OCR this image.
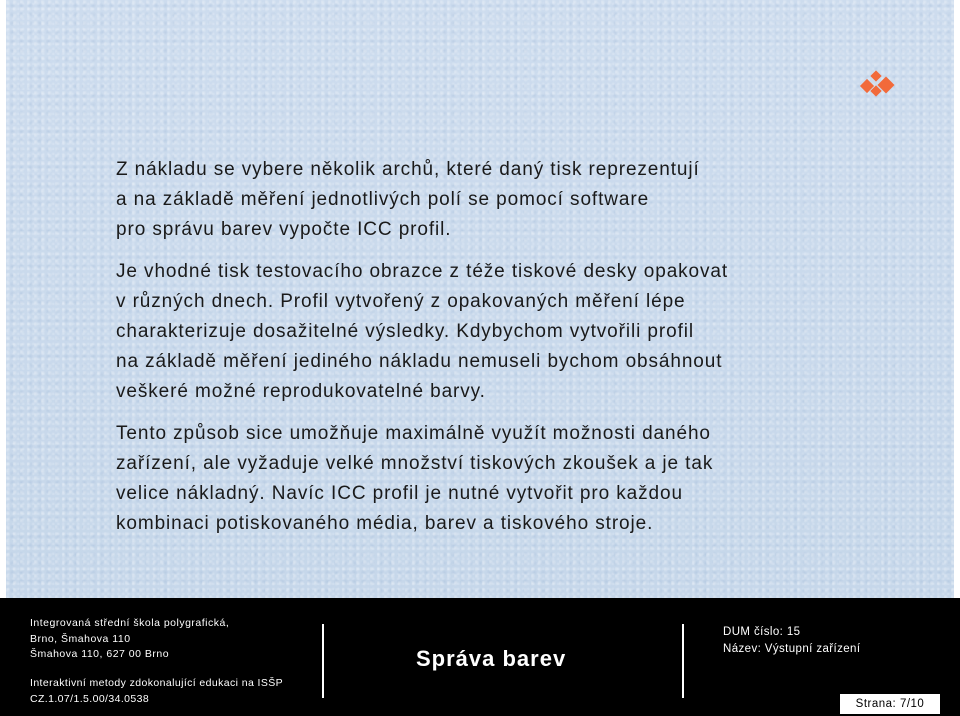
Z nákladu se vybere několik archů, které daný tisk reprezentují
a na základě měření jednotlivých polí se pomocí software
pro správu barev vypočte ICC profil.

Je vhodné tisk testovacího obrazce z téže tiskové desky opakovat
v různých dnech. Profil vytvořený z opakovaných měření lépe
charakterizuje dosažitelné výsledky. Kdybychom vytvořili profil
na základě měření jediného nákladu nemuseli bychom obsáhnout
veškeré možné reprodukovatelné barvy.

Tento způsob sice umožňuje maximálně využít možnosti daného
zařízení, ale vyžaduje velké množství tiskových zkoušek a je tak
velice nákladný. Navíc ICC profil je nutné vytvořit pro každou
kombinaci potiskovaného média, barev a tiskového stroje.

Integrovaná střední škola polygrafická,
Brno, Šmahova 110
Šmahova 110, 627 00 Brno
Interaktivní metody zdokonalující edukaci na ISŠP
CZ.1.07/1.5.00/34.0538
Správa barev
DUM číslo: 15
Název: Výstupní zařízení
Strana: 7/10
